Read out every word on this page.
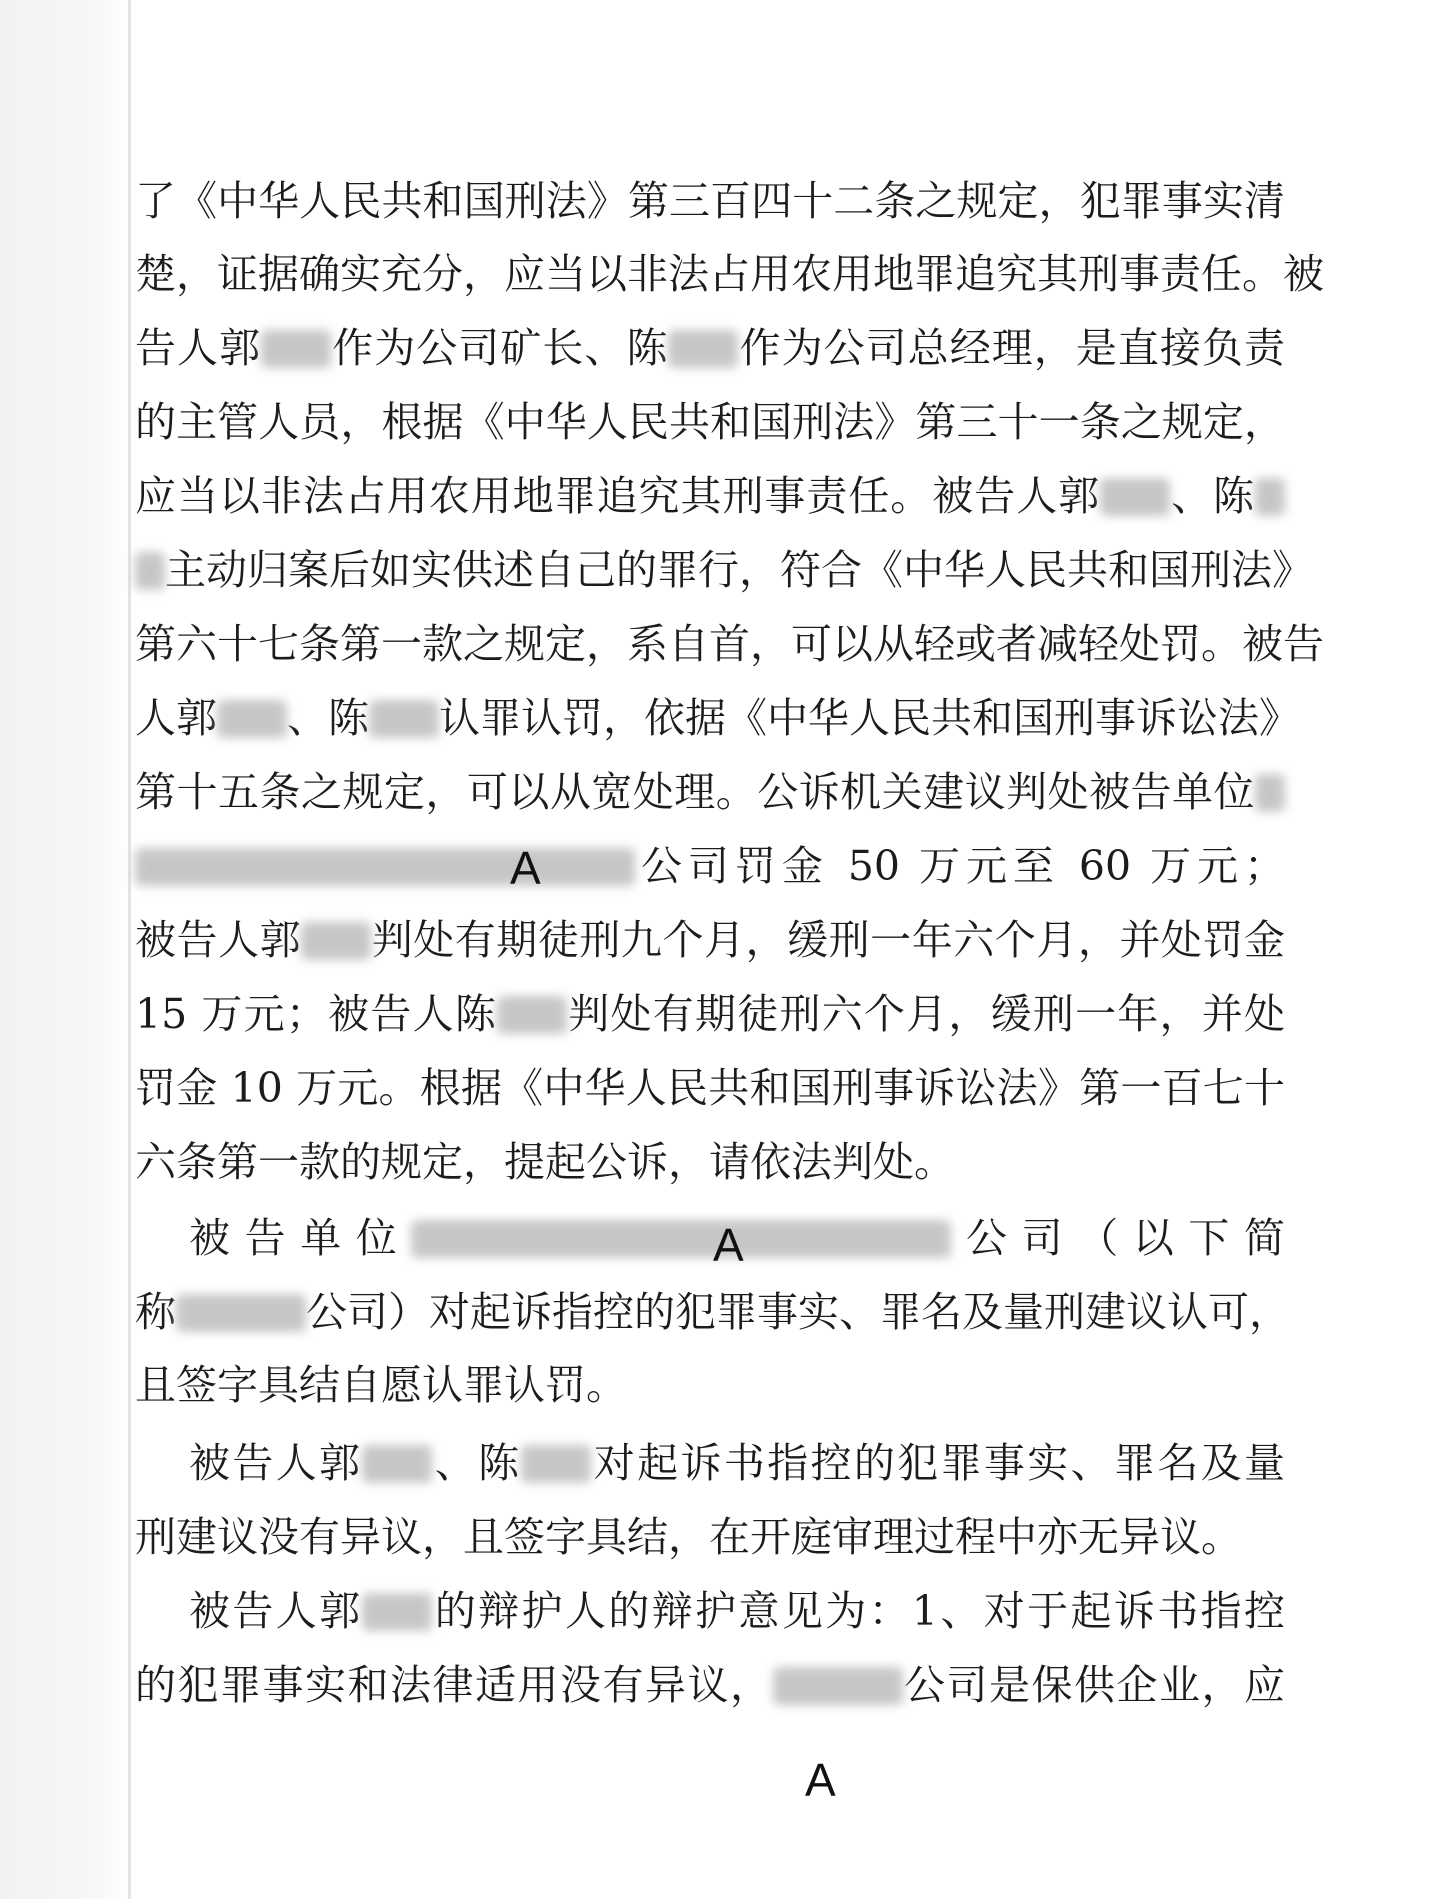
了《中华人民共和国刑法》第三百四十二条之规定，犯罪事实清
楚，证据确实充分，应当以非法占用农用地罪追究其刑事责任。被
告人郭 作为公司矿长、陈 作为公司总经理，是直接负责
的主管人员，根据《中华人民共和国刑法》第三十一条之规定，
应当以非法占用农用地罪追究其刑事责任。被告人郭 、陈
主动归案后如实供述自己的罪行，符合《中华人民共和国刑法》
第六十七条第一款之规定，系自首，可以从轻或者减轻处罚。被告
人郭 、陈 认罪认罚，依据《中华人民共和国刑事诉讼法》
第十五条之规定，可以从宽处理。公诉机关建议判处被告单位
公司罚金 50 万元至 60 万元；
被告人郭 判处有期徒刑九个月，缓刑一年六个月，并处罚金
15 万元；被告人陈 判处有期徒刑六个月，缓刑一年，并处
罚金 10 万元。根据《中华人民共和国刑事诉讼法》第一百七十
六条第一款的规定，提起公诉，请依法判处。
被告单位	公司（以下简
称	公司）对起诉指控的犯罪事实、罪名及量刑建议认可，
且签字具结自愿认罪认罚。
被告人郭 、陈 对起诉书指控的犯罪事实、罪名及量
刑建议没有异议，且签字具结，在开庭审理过程中亦无异议。
被告人郭 的辩护人的辩护意见为：1、对于起诉书指控
的犯罪事实和法律适用没有异议，	公司是保供企业，应
A
A
A
